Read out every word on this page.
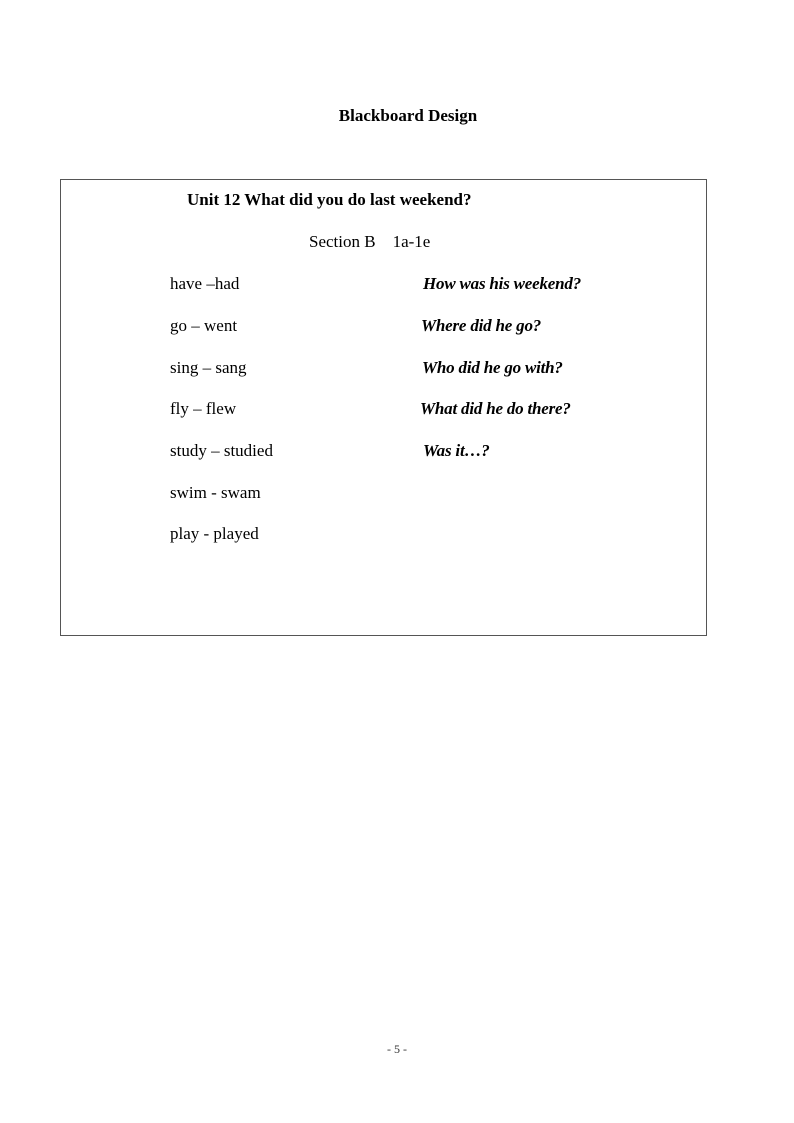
Blackboard Design
Unit 12 What did you do last weekend?
Section B    1a-1e
have –had
go – went
sing – sang
fly – flew
study – studied
swim - swam
play - played
How was his weekend?
Where did he go?
Who did he go with?
What did he do there?
Was it…?
- 5 -
